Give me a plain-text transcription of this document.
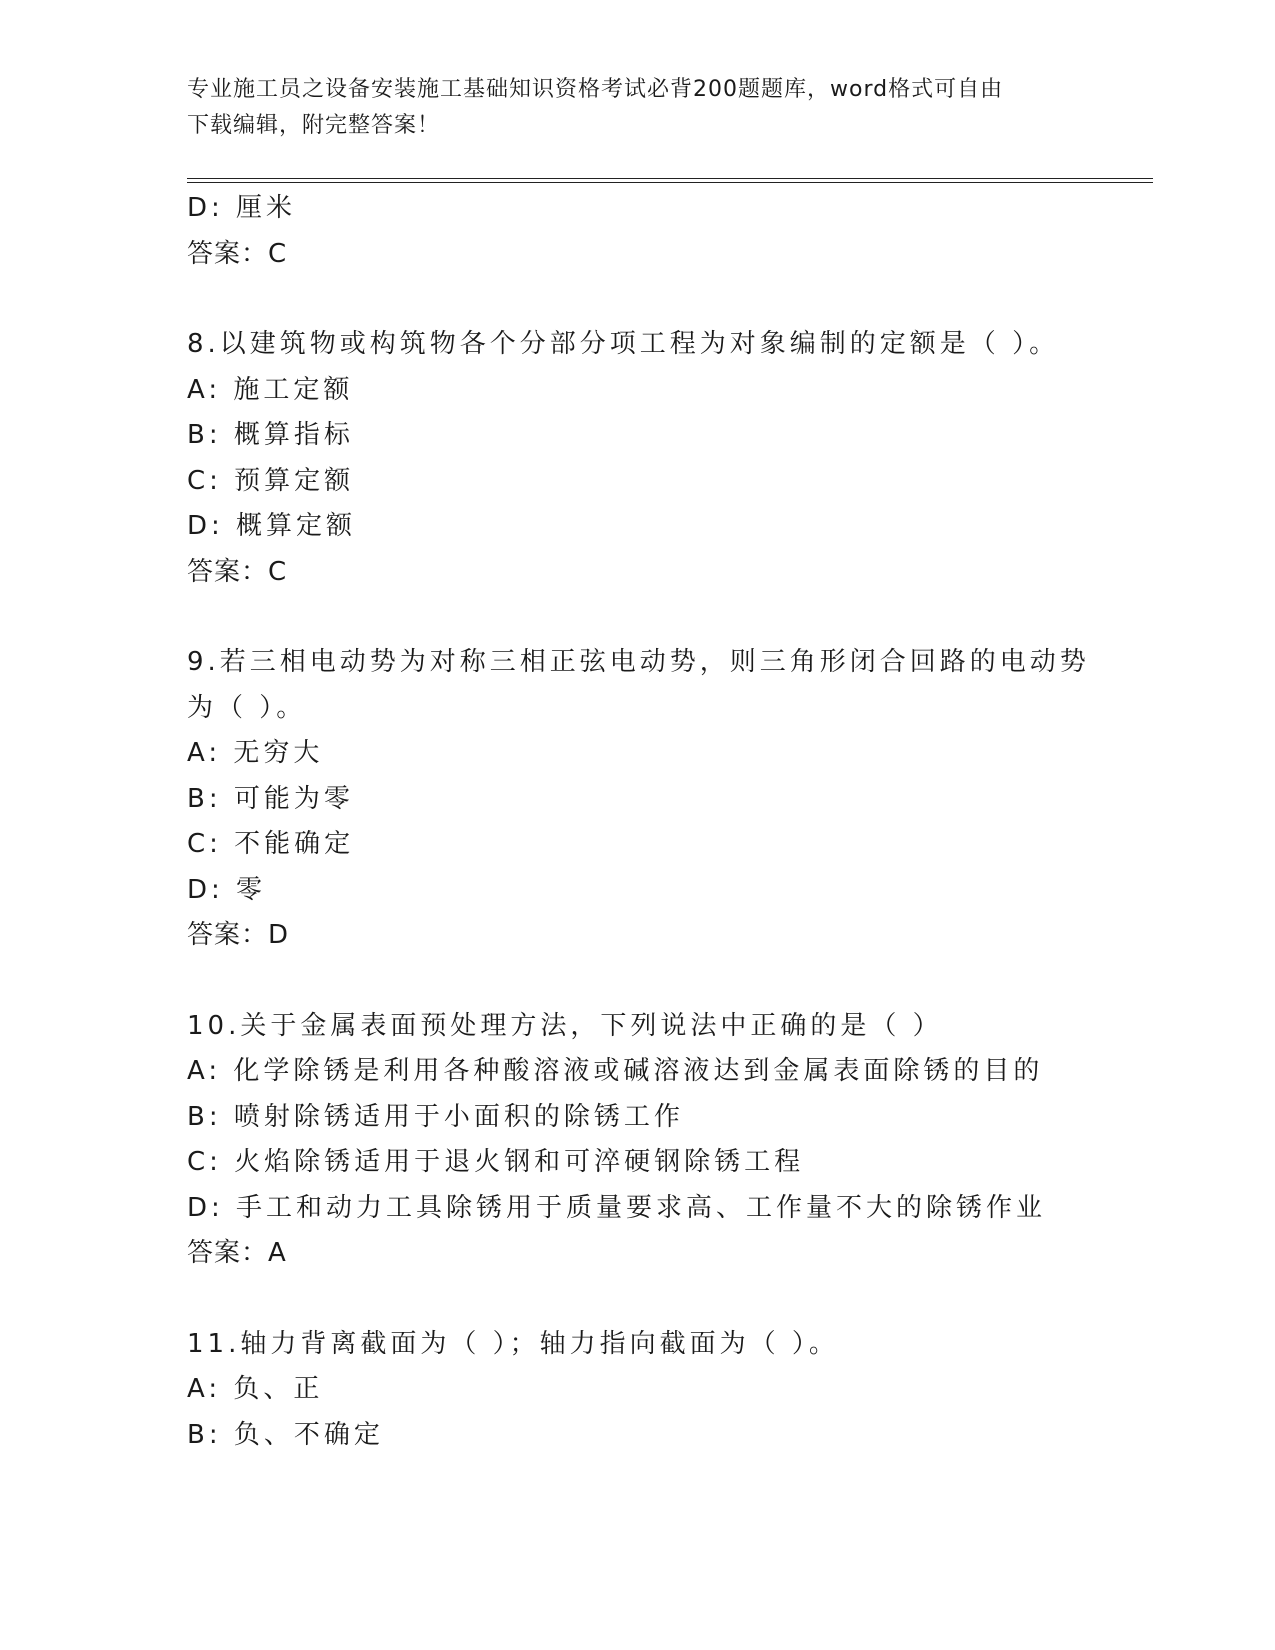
专业施工员之设备安装施工基础知识资格考试必背200题题库，word格式可自由
下载编辑，附完整答案！
D: 厘米
答案：C
8.以建筑物或构筑物各个分部分项工程为对象编制的定额是（ ）。
A: 施工定额
B: 概算指标
C: 预算定额
D: 概算定额
答案：C
9.若三相电动势为对称三相正弦电动势，则三角形闭合回路的电动势
为（ ）。
A: 无穷大
B: 可能为零
C: 不能确定
D: 零
答案：D
10.关于金属表面预处理方法，下列说法中正确的是（ ）
A: 化学除锈是利用各种酸溶液或碱溶液达到金属表面除锈的目的
B: 喷射除锈适用于小面积的除锈工作
C: 火焰除锈适用于退火钢和可淬硬钢除锈工程
D: 手工和动力工具除锈用于质量要求高、工作量不大的除锈作业
答案：A
11.轴力背离截面为（ ）；轴力指向截面为（ ）。
A: 负、正
B: 负、不确定
